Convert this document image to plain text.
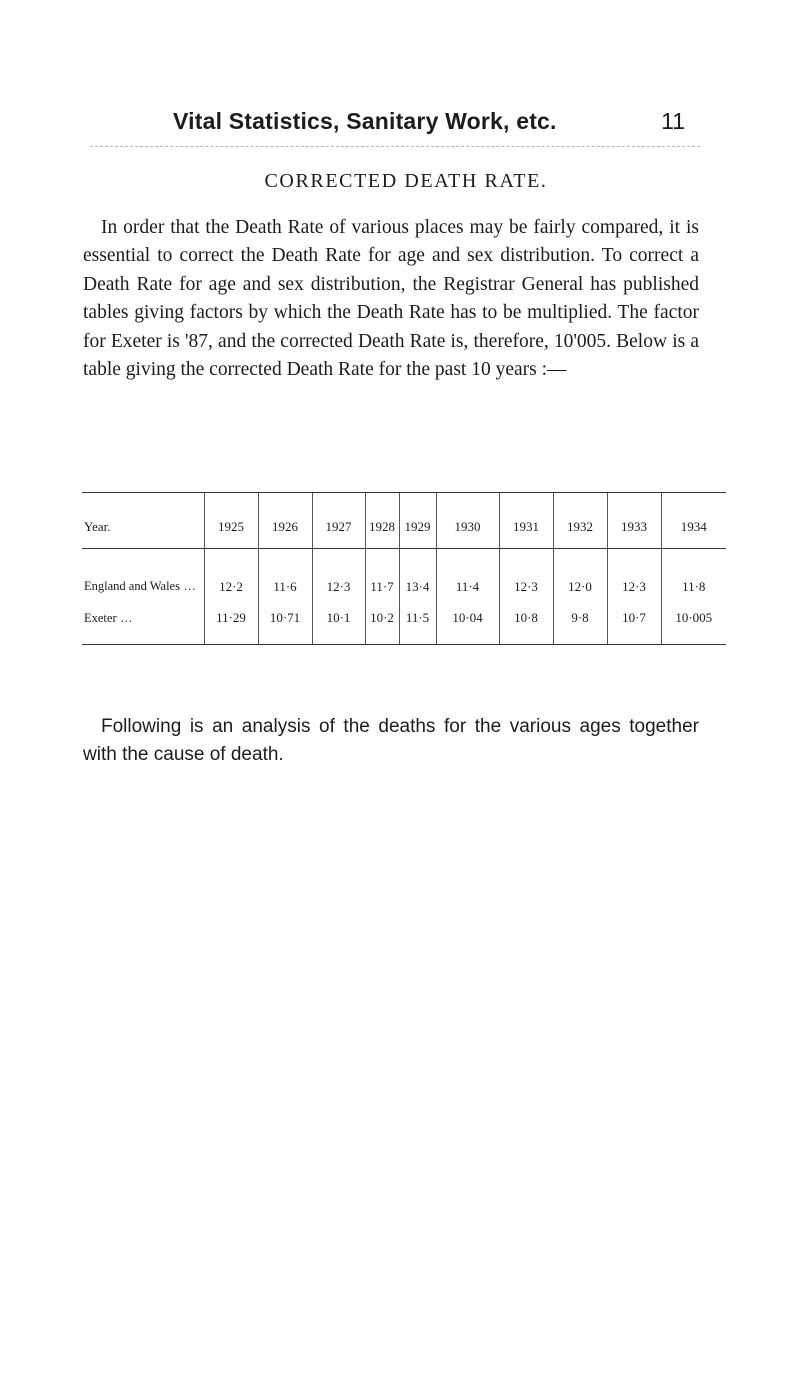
Vital Statistics, Sanitary Work, etc.	11
CORRECTED DEATH RATE.

In order that the Death Rate of various places may be fairly compared, it is essential to correct the Death Rate for age and sex distribution. To correct a Death Rate for age and sex distribution, the Registrar General has published tables giving factors by which the Death Rate has to be multiplied. The factor for Exeter is '87, and the corrected Death Rate is, therefore, 10'005. Below is a table giving the corrected Death Rate for the past 10 years :—

Year.	1925	1926	1927	1928	1929	1930	1931	1932	1933	1934
England and Wales ...	12·2	11·6	12·3	11·7	13·4	11·4	12·3	12·0	12·3	11·8
Exeter ...	11·29	10·71	10·1	10·2	11·5	10·04	10·8	9·8	10·7	10·005

Following is an analysis of the deaths for the various ages together with the cause of death.
